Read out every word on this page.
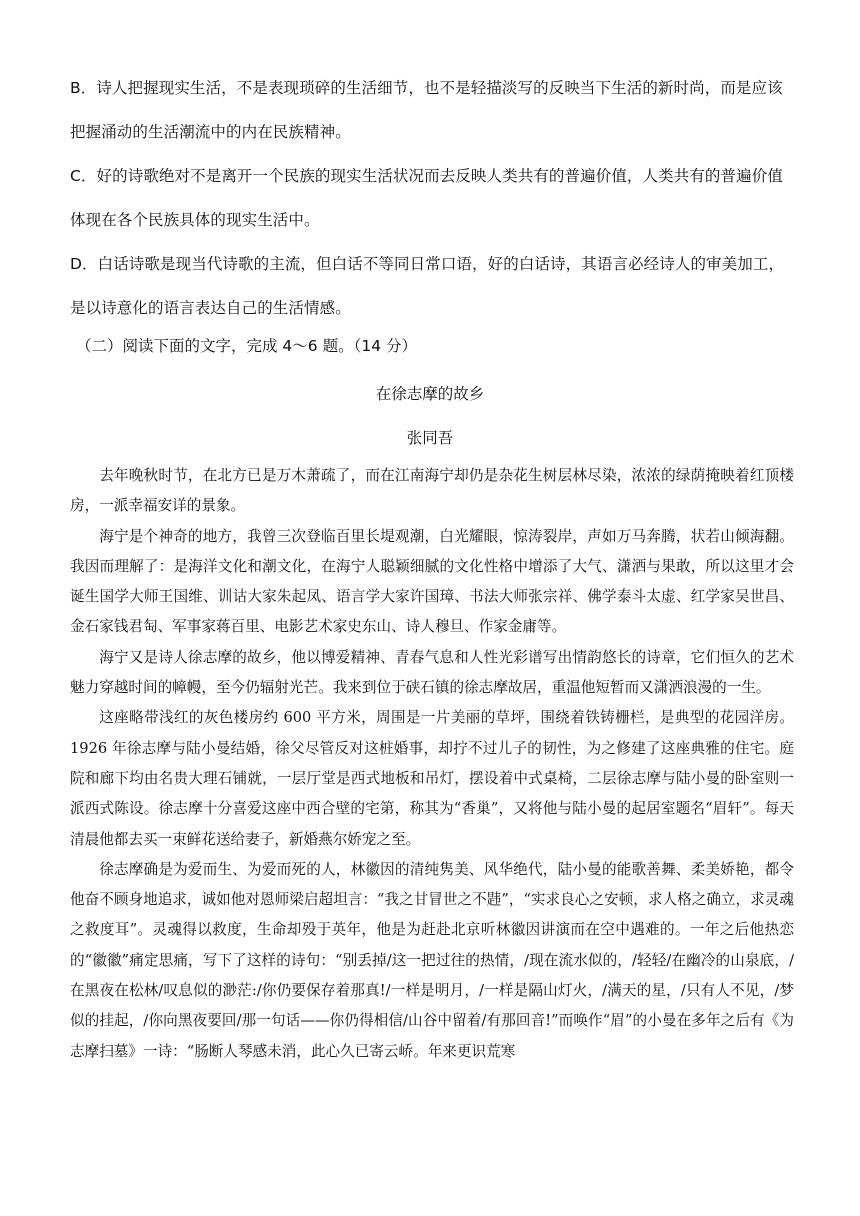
B．诗人把握现实生活，不是表现琐碎的生活细节，也不是轻描淡写的反映当下生活的新时尚，而是应该把握涌动的生活潮流中的内在民族精神。
C．好的诗歌绝对不是离开一个民族的现实生活状况而去反映人类共有的普遍价值，人类共有的普遍价值体现在各个民族具体的现实生活中。
D．白话诗歌是现当代诗歌的主流，但白话不等同日常口语，好的白话诗，其语言必经诗人的审美加工，是以诗意化的语言表达自己的生活情感。
（二）阅读下面的文字，完成 4～6 题。（14 分）
在徐志摩的故乡
张同吾

去年晚秋时节，在北方已是万木萧疏了，而在江南海宁却仍是杂花生树层林尽染，浓浓的绿荫掩映着红顶楼房，一派幸福安详的景象。

海宁是个神奇的地方，我曾三次登临百里长堤观潮，白光耀眼，惊涛裂岸，声如万马奔腾，状若山倾海翻。我因而理解了：是海洋文化和潮文化，在海宁人聪颖细腻的文化性格中增添了大气、潇洒与果敢，所以这里才会诞生国学大师王国维、训诂大家朱起凤、语言学大家许国璋、书法大师张宗祥、佛学泰斗太虚、红学家吴世昌、金石家钱君匋、军事家蒋百里、电影艺术家史东山、诗人穆旦、作家金庸等。

海宁又是诗人徐志摩的故乡，他以博爱精神、青春气息和人性光彩谱写出情韵悠长的诗章，它们恒久的艺术魅力穿越时间的幛幔，至今仍辐射光芒。我来到位于硖石镇的徐志摩故居，重温他短暂而又潇洒浪漫的一生。

这座略带浅红的灰色楼房约 600 平方米，周围是一片美丽的草坪，围绕着铁铸栅栏，是典型的花园洋房。1926 年徐志摩与陆小曼结婚，徐父尽管反对这桩婚事，却拧不过儿子的韧性，为之修建了这座典雅的住宅。庭院和廊下均由名贵大理石铺就，一层厅堂是西式地板和吊灯，摆设着中式桌椅，二层徐志摩与陆小曼的卧室则一派西式陈设。徐志摩十分喜爱这座中西合壁的宅第，称其为“香巢”，又将他与陆小曼的起居室题名“眉轩”。每天清晨他都去买一束鲜花送给妻子，新婚燕尔娇宠之至。

徐志摩确是为爱而生、为爱而死的人，林徽因的清纯隽美、风华绝代，陆小曼的能歌善舞、柔美娇艳，都令他奋不顾身地追求，诚如他对恩师梁启超坦言：“我之甘冒世之不韪”，“实求良心之安顿，求人格之确立，求灵魂之救度耳”。灵魂得以救度，生命却殁于英年，他是为赶赴北京听林徽因讲演而在空中遇难的。一年之后他热恋的“徽徽”痛定思痛，写下了这样的诗句：“别丢掉/这一把过往的热情，/现在流水似的，/轻轻/在幽冷的山泉底，/在黑夜在松林/叹息似的渺茫:/你仍要保存着那真!/一样是明月，/一样是隔山灯火，/满天的星，/只有人不见，/梦似的挂起，/你向黑夜要回/那一句话——你仍得相信/山谷中留着/有那回音!”而唤作“眉”的小曼在多年之后有《为志摩扫墓》一诗：“肠断人琴感未消，此心久已寄云峤。年来更识荒寒
